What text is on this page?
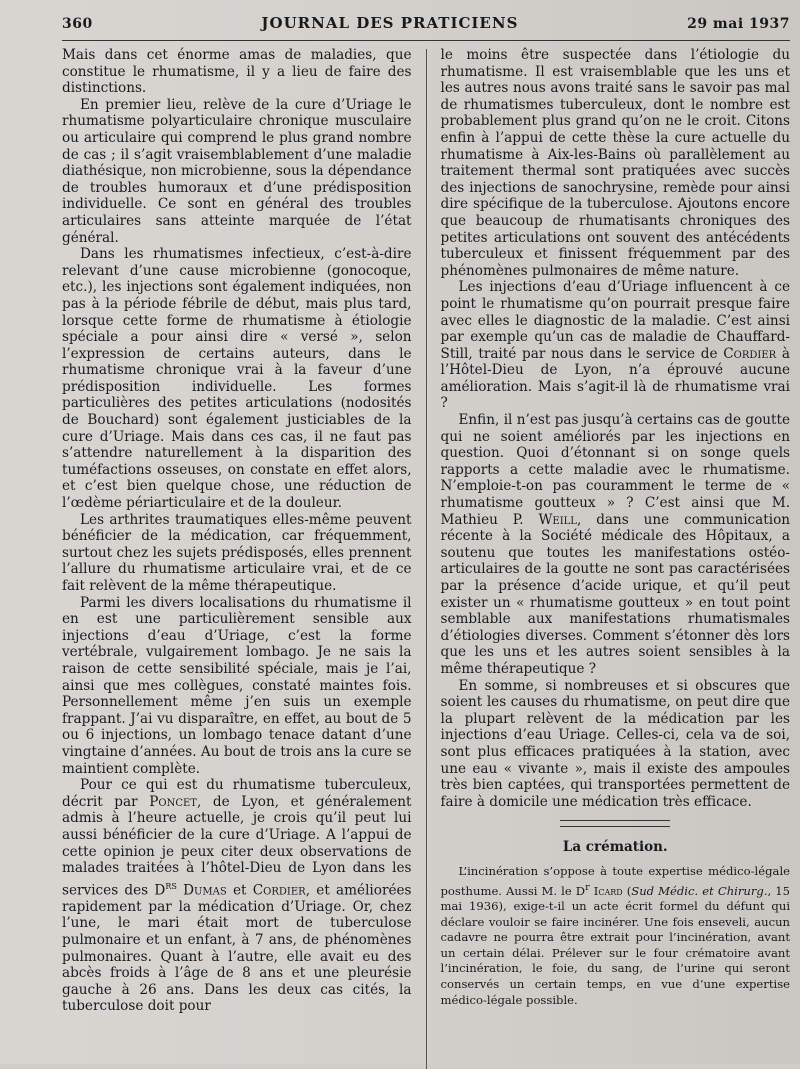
360	JOURNAL DES PRATICIENS	29 mai 1937

Mais dans cet énorme amas de maladies, que constitue le rhumatisme, il y a lieu de faire des distinctions.

En premier lieu, relève de la cure d’Uriage le rhumatisme polyarticulaire chronique musculaire ou articulaire qui comprend le plus grand nombre de cas ; il s’agit vraisemblablement d’une maladie diathésique, non microbienne, sous la dépendance de troubles humoraux et d’une prédisposition individuelle. Ce sont en général des troubles articulaires sans atteinte marquée de l’état général.

Dans les rhumatismes infectieux, c’est-à-dire relevant d’une cause microbienne (gonocoque, etc.), les injections sont également indiquées, non pas à la période fébrile de début, mais plus tard, lorsque cette forme de rhumatisme à étiologie spéciale a pour ainsi dire « versé », selon l’expression de certains auteurs, dans le rhumatisme chronique vrai à la faveur d’une prédisposition individuelle. Les formes particulières des petites articulations (nodosités de Bouchard) sont également justiciables de la cure d’Uriage. Mais dans ces cas, il ne faut pas s’attendre naturellement à la disparition des tuméfactions osseuses, on constate en effet alors, et c’est bien quelque chose, une réduction de l’œdème périarticulaire et de la douleur.

Les arthrites traumatiques elles-même peuvent bénéficier de la médication, car fréquemment, surtout chez les sujets prédisposés, elles prennent l’allure du rhumatisme articulaire vrai, et de ce fait relèvent de la même thérapeutique.

Parmi les divers localisations du rhumatisme il en est une particulièrement sensible aux injections d’eau d’Uriage, c’est la forme vertébrale, vulgairement lombago. Je ne sais la raison de cette sensibilité spéciale, mais je l’ai, ainsi que mes collègues, constaté maintes fois. Personnellement même j’en suis un exemple frappant. J’ai vu disparaître, en effet, au bout de 5 ou 6 injections, un lombago tenace datant d’une vingtaine d’années. Au bout de trois ans la cure se maintient complète.

Pour ce qui est du rhumatisme tuberculeux, décrit par Poncet, de Lyon, et généralement admis à l’heure actuelle, je crois qu’il peut lui aussi bénéficier de la cure d’Uriage. A l’appui de cette opinion je peux citer deux observations de malades traitées à l’hôtel-Dieu de Lyon dans les services des $D^{rs}$ Dumas et Cordier, et améliorées rapidement par la médication d’Uriage. Or, chez l’une, le mari était mort de tuberculose pulmonaire et un enfant, à 7 ans, de phénomènes pulmonaires. Quant à l’autre, elle avait eu des abcès froids à l’âge de 8 ans et une pleurésie gauche à 26 ans. Dans les deux cas cités, la tuberculose doit pour

le moins être suspectée dans l’étiologie du rhumatisme. Il est vraisemblable que les uns et les autres nous avons traité sans le savoir pas mal de rhumatismes tuberculeux, dont le nombre est probablement plus grand qu’on ne le croit. Citons enfin à l’appui de cette thèse la cure actuelle du rhumatisme à Aix-les-Bains où parallèlement au traitement thermal sont pratiquées avec succès des injections de sanochrysine, remède pour ainsi dire spécifique de la tuberculose. Ajoutons encore que beaucoup de rhumatisants chroniques des petites articulations ont souvent des antécédents tuberculeux et finissent fréquemment par des phénomènes pulmonaires de même nature.

Les injections d’eau d’Uriage influencent à ce point le rhumatisme qu’on pourrait presque faire avec elles le diagnostic de la maladie. C’est ainsi par exemple qu’un cas de maladie de Chauffard-Still, traité par nous dans le service de Cordier à l’Hôtel-Dieu de Lyon, n’a éprouvé aucune amélioration. Mais s’agit-il là de rhumatisme vrai ?

Enfin, il n’est pas jusqu’à certains cas de goutte qui ne soient améliorés par les injections en question. Quoi d’étonnant si on songe quels rapports a cette maladie avec le rhumatisme. N’emploie-t-on pas couramment le terme de « rhumatisme goutteux » ? C’est ainsi que M. Mathieu P. Weill, dans une communication récente à la Société médicale des Hôpitaux, a soutenu que toutes les manifestations ostéo-articulaires de la goutte ne sont pas caractérisées par la présence d’acide urique, et qu’il peut exister un « rhumatisme goutteux » en tout point semblable aux manifestations rhumatismales d’étiologies diverses. Comment s’étonner dès lors que les uns et les autres soient sensibles à la même thérapeutique ?

En somme, si nombreuses et si obscures que soient les causes du rhumatisme, on peut dire que la plupart relèvent de la médication par les injections d’eau Uriage. Celles-ci, cela va de soi, sont plus efficaces pratiquées à la station, avec une eau « vivante », mais il existe des ampoules très bien captées, qui transportées permettent de faire à domicile une médication très efficace.

La crémation.

L’incinération s’oppose à toute expertise médico-légale posthume. Aussi M. le $D^r$ Icard (Sud Médic. et Chirurg., 15 mai 1936), exige-t-il un acte écrit formel du défunt qui déclare vouloir se faire incinérer. Une fois enseveli, aucun cadavre ne pourra être extrait pour l’incinération, avant un certain délai. Prélever sur le four crématoire avant l’incinération, le foie, du sang, de l’urine qui seront conservés un certain temps, en vue d’une expertise médico-légale possible.
